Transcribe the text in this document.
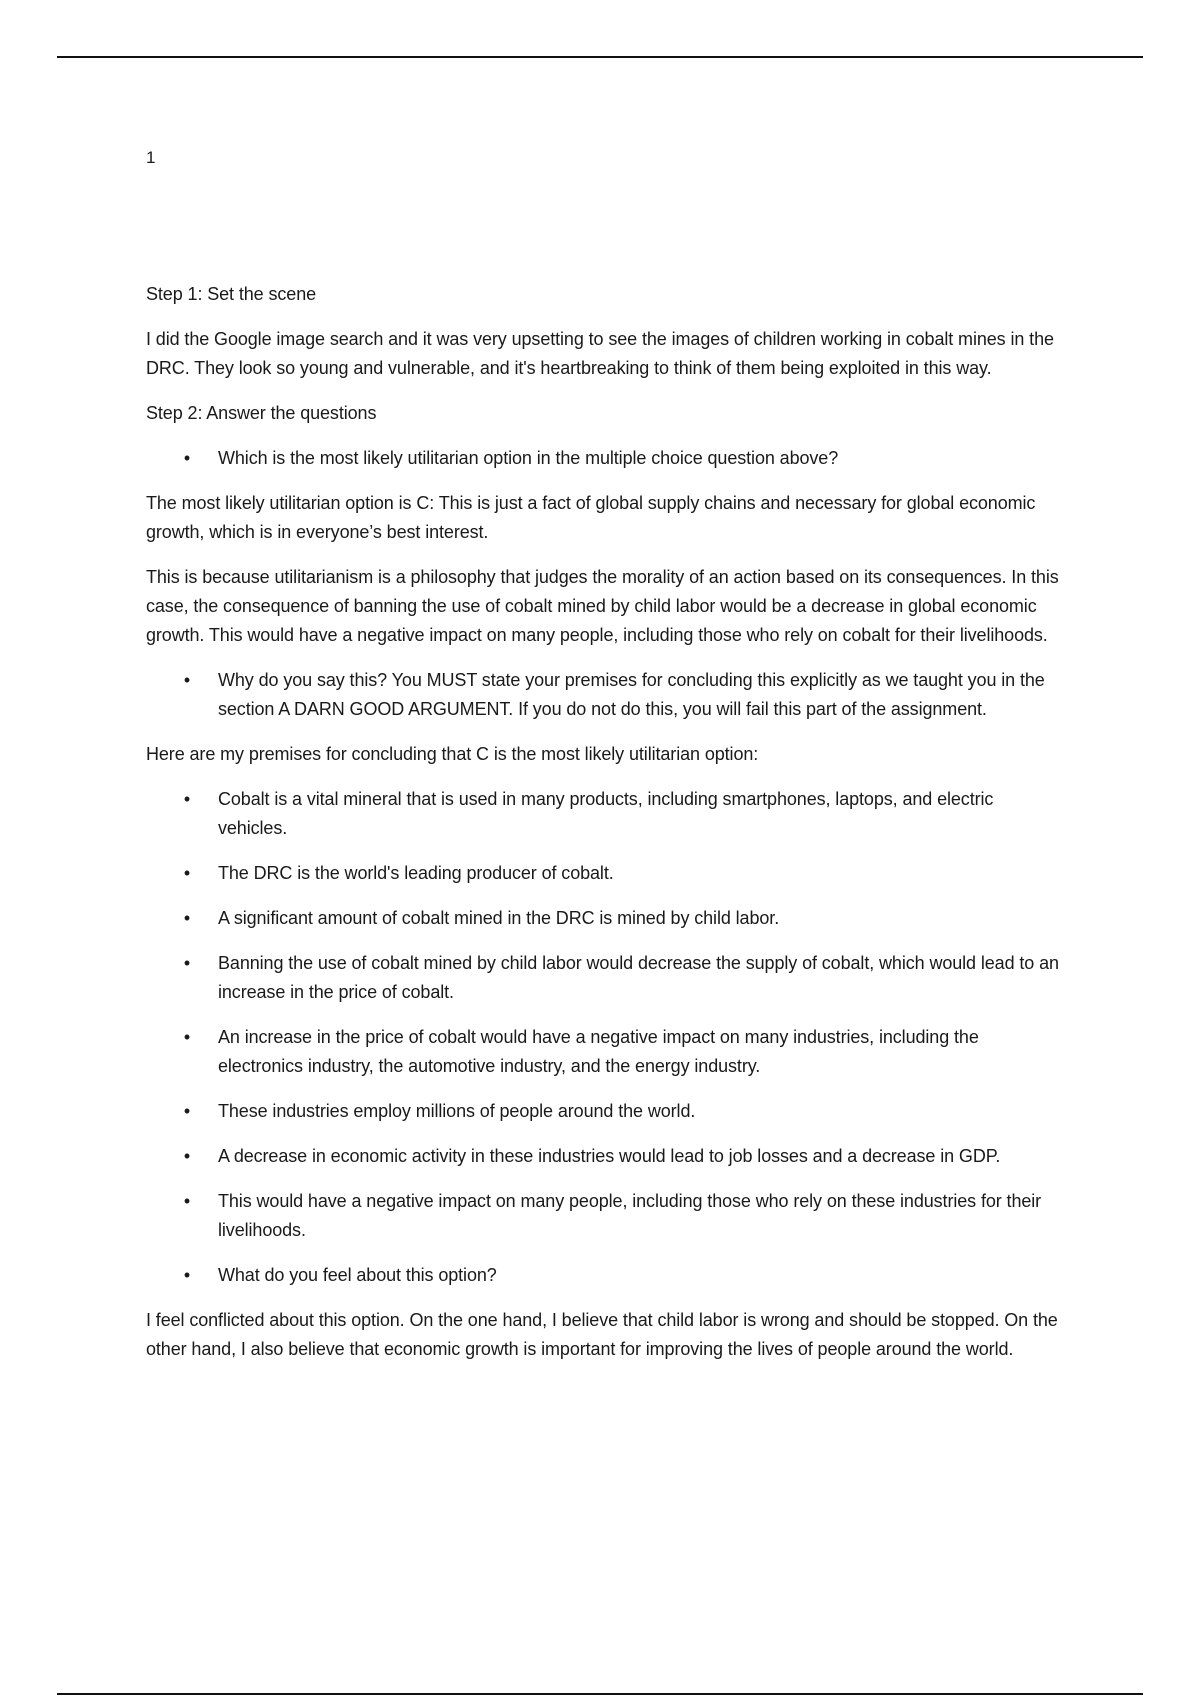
1

Step 1: Set the scene

I did the Google image search and it was very upsetting to see the images of children working in cobalt mines in the DRC. They look so young and vulnerable, and it's heartbreaking to think of them being exploited in this way.

Step 2: Answer the questions

• Which is the most likely utilitarian option in the multiple choice question above?

The most likely utilitarian option is C: This is just a fact of global supply chains and necessary for global economic growth, which is in everyone’s best interest.

This is because utilitarianism is a philosophy that judges the morality of an action based on its consequences. In this case, the consequence of banning the use of cobalt mined by child labor would be a decrease in global economic growth. This would have a negative impact on many people, including those who rely on cobalt for their livelihoods.

• Why do you say this? You MUST state your premises for concluding this explicitly as we taught you in the section A DARN GOOD ARGUMENT. If you do not do this, you will fail this part of the assignment.

Here are my premises for concluding that C is the most likely utilitarian option:

• Cobalt is a vital mineral that is used in many products, including smartphones, laptops, and electric vehicles.
• The DRC is the world's leading producer of cobalt.
• A significant amount of cobalt mined in the DRC is mined by child labor.
• Banning the use of cobalt mined by child labor would decrease the supply of cobalt, which would lead to an increase in the price of cobalt.
• An increase in the price of cobalt would have a negative impact on many industries, including the electronics industry, the automotive industry, and the energy industry.
• These industries employ millions of people around the world.
• A decrease in economic activity in these industries would lead to job losses and a decrease in GDP.
• This would have a negative impact on many people, including those who rely on these industries for their livelihoods.
• What do you feel about this option?

I feel conflicted about this option. On the one hand, I believe that child labor is wrong and should be stopped. On the other hand, I also believe that economic growth is important for improving the lives of people around the world.
